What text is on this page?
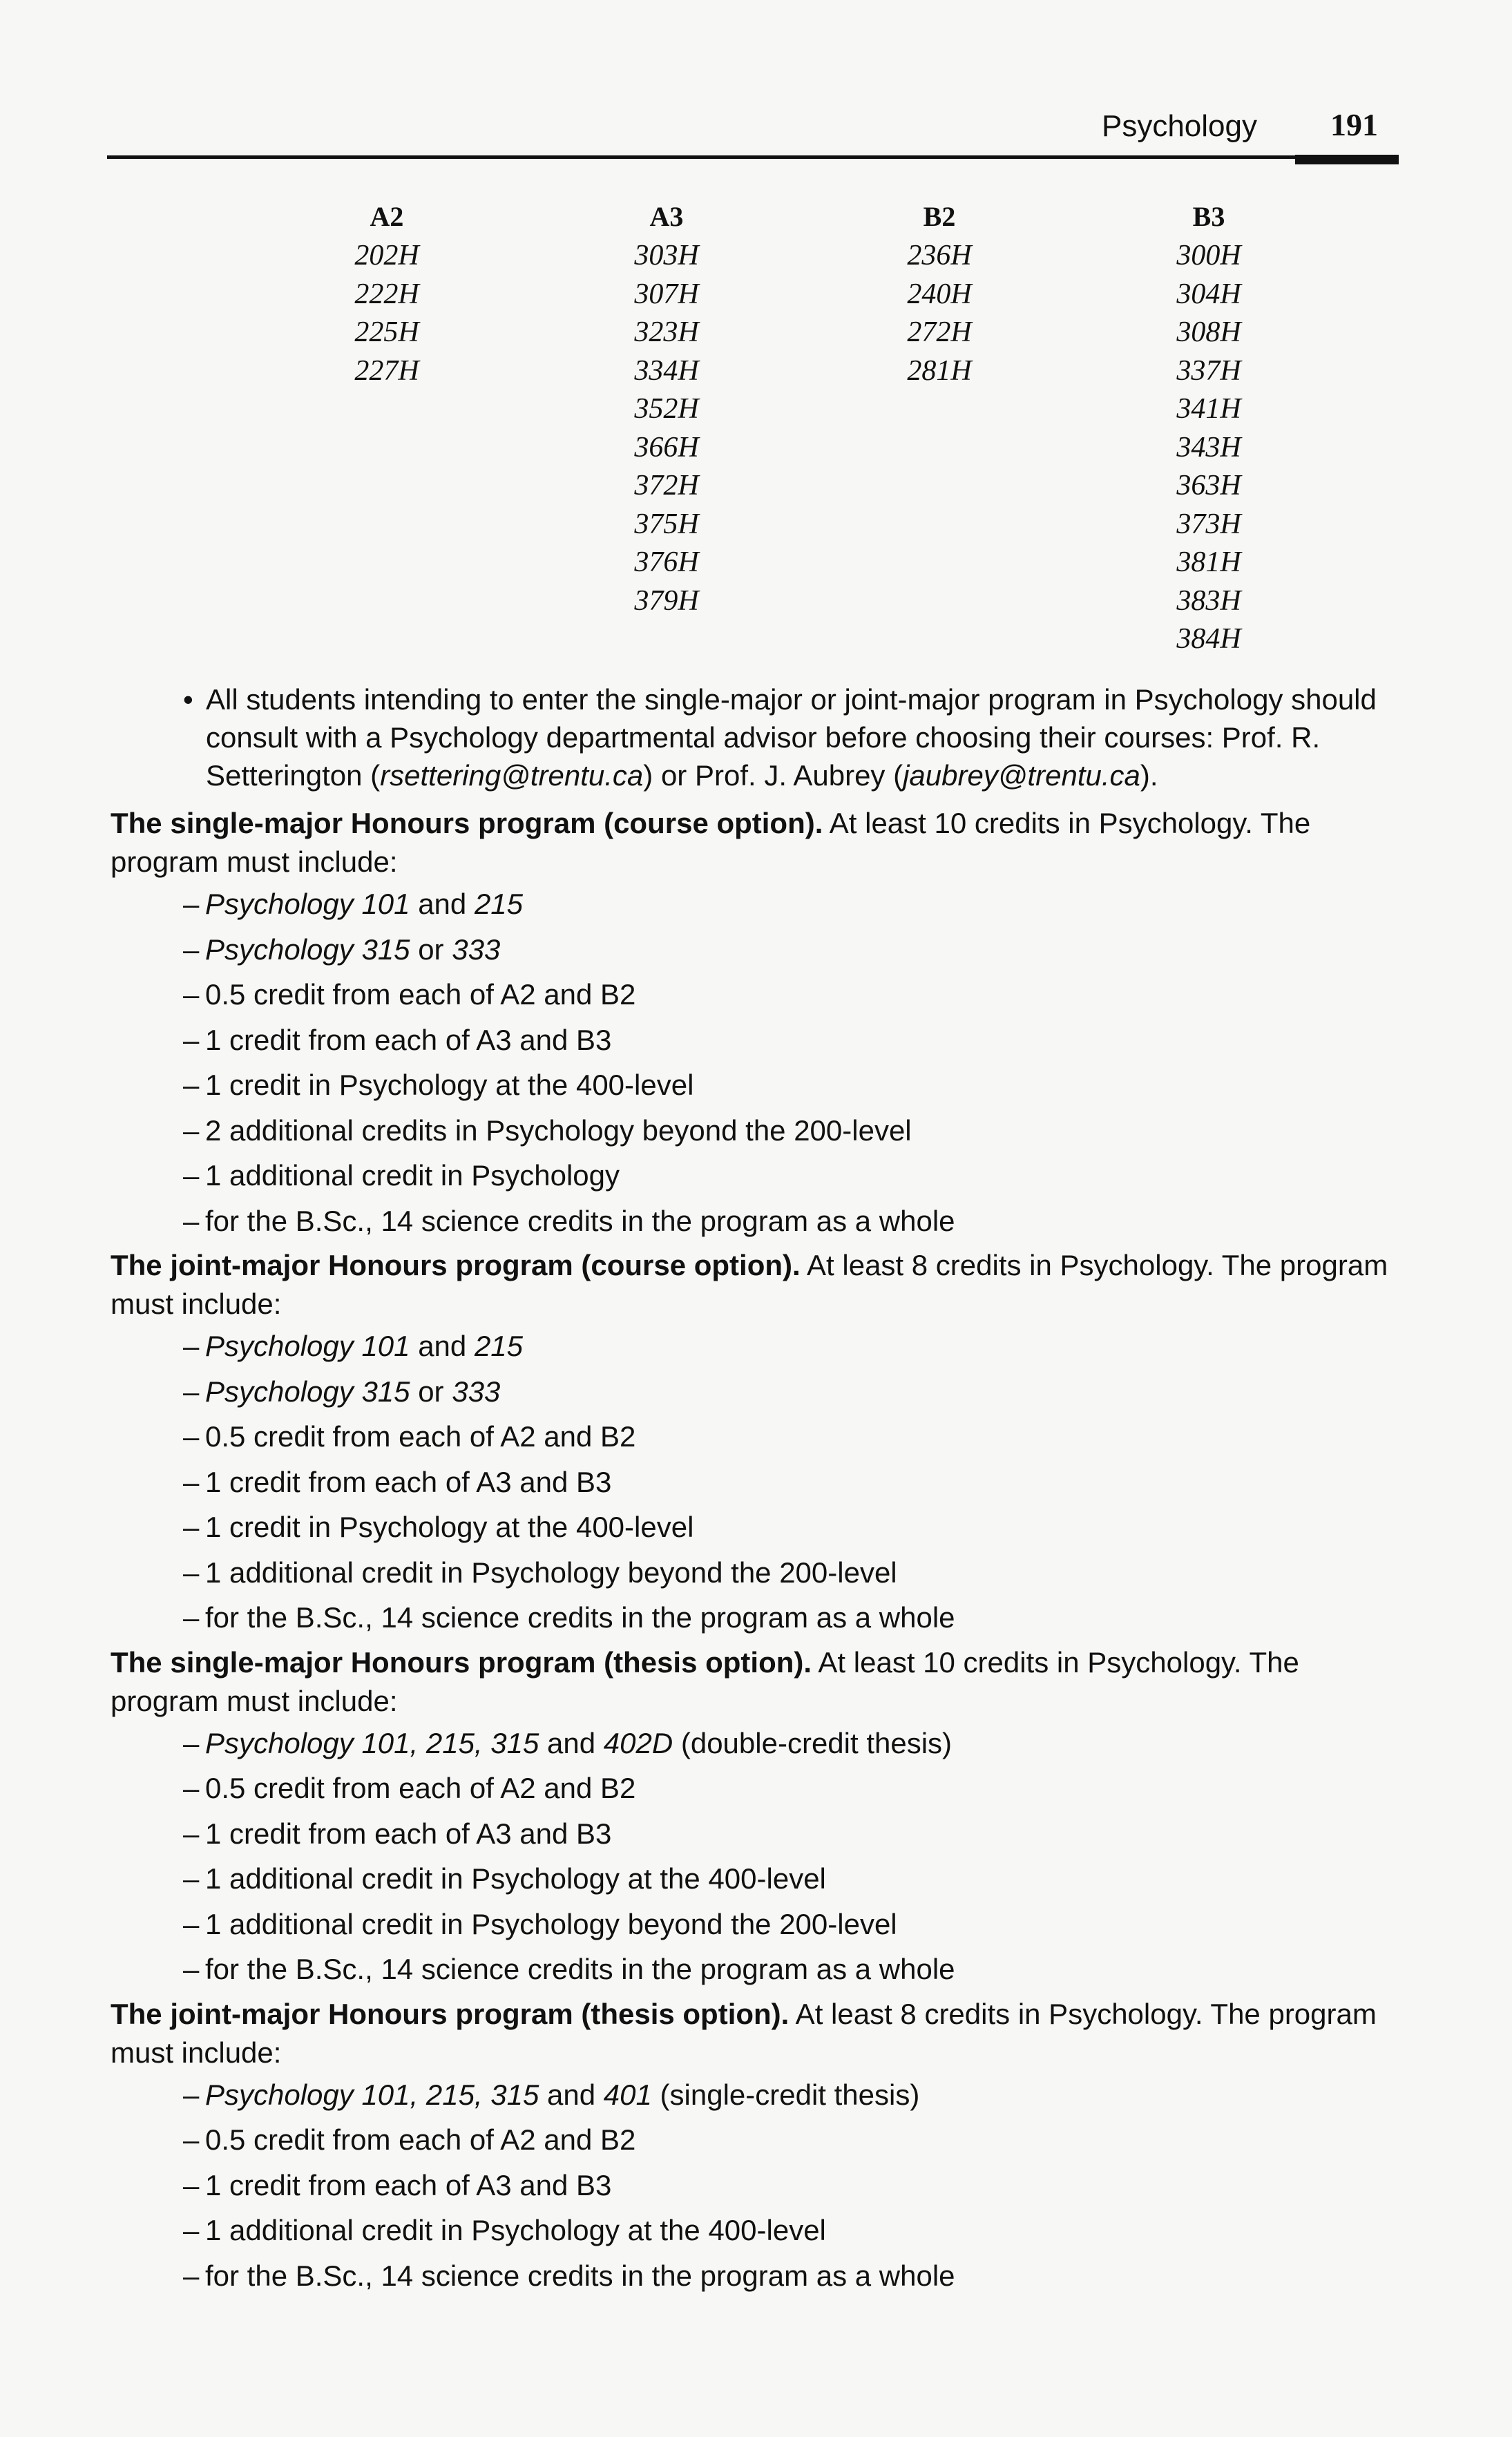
Psychology 191
A2
202H
222H
225H
227H
A3
303H
307H
323H
334H
352H
366H
372H
375H
376H
379H
B2
236H
240H
272H
281H
B3
300H
304H
308H
337H
341H
343H
363H
373H
381H
383H
384H
• All students intending to enter the single-major or joint-major program in Psychology should consult with a Psychology departmental advisor before choosing their courses: Prof. R. Setterington (rsettering@trentu.ca) or Prof. J. Aubrey (jaubrey@trentu.ca).
The single-major Honours program (course option). At least 10 credits in Psychology. The program must include:
– Psychology 101 and 215
– Psychology 315 or 333
– 0.5 credit from each of A2 and B2
– 1 credit from each of A3 and B3
– 1 credit in Psychology at the 400-level
– 2 additional credits in Psychology beyond the 200-level
– 1 additional credit in Psychology
– for the B.Sc., 14 science credits in the program as a whole
The joint-major Honours program (course option). At least 8 credits in Psychology. The program must include:
– Psychology 101 and 215
– Psychology 315 or 333
– 0.5 credit from each of A2 and B2
– 1 credit from each of A3 and B3
– 1 credit in Psychology at the 400-level
– 1 additional credit in Psychology beyond the 200-level
– for the B.Sc., 14 science credits in the program as a whole
The single-major Honours program (thesis option). At least 10 credits in Psychology. The program must include:
– Psychology 101, 215, 315 and 402D (double-credit thesis)
– 0.5 credit from each of A2 and B2
– 1 credit from each of A3 and B3
– 1 additional credit in Psychology at the 400-level
– 1 additional credit in Psychology beyond the 200-level
– for the B.Sc., 14 science credits in the program as a whole
The joint-major Honours program (thesis option). At least 8 credits in Psychology. The program must include:
– Psychology 101, 215, 315 and 401 (single-credit thesis)
– 0.5 credit from each of A2 and B2
– 1 credit from each of A3 and B3
– 1 additional credit in Psychology at the 400-level
– for the B.Sc., 14 science credits in the program as a whole
